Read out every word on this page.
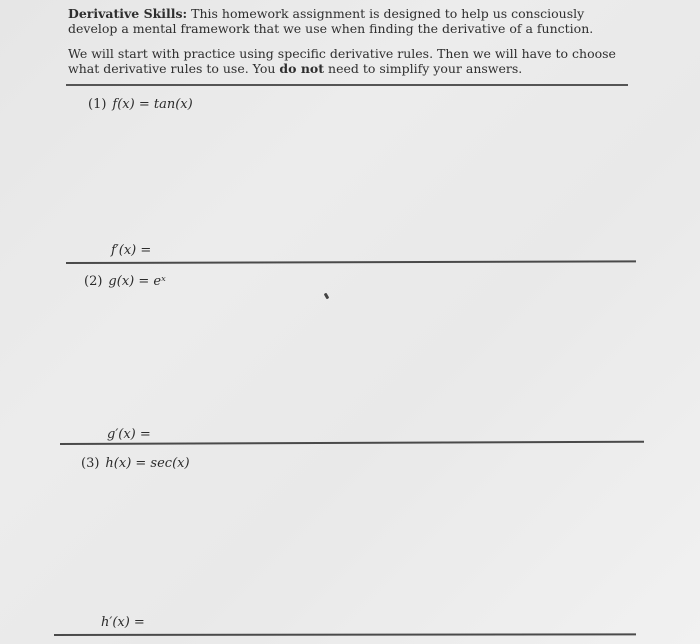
Derivative Skills: This homework assignment is designed to help us consciously develop a mental framework that we use when finding the derivative of a function.

We will start with practice using specific derivative rules. Then we will have to choose what derivative rules to use. You do not need to simplify your answers.

(1) f(x) = tan(x)
f′(x) =
(2) g(x) = eˣ
g′(x) =
(3) h(x) = sec(x)
h′(x) =
